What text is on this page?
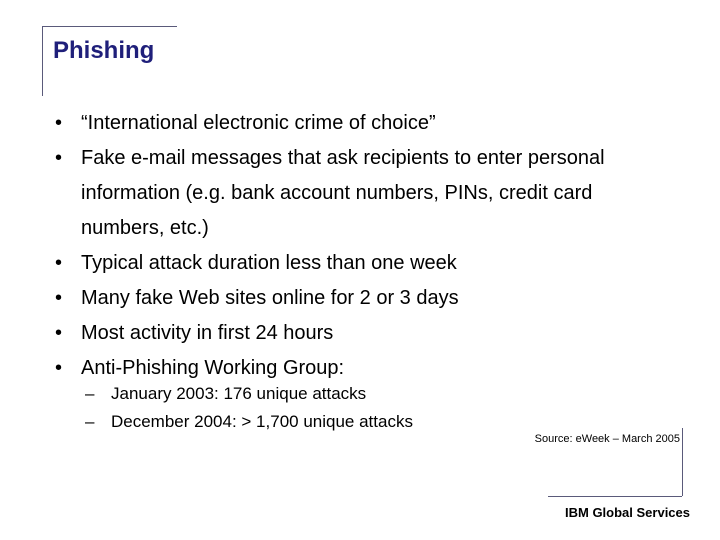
Phishing
• “International electronic crime of choice”
• Fake e-mail messages that ask recipients to enter personal information (e.g. bank account numbers, PINs, credit card numbers, etc.)
• Typical attack duration less than one week
• Many fake Web sites online for 2 or 3 days
• Most activity in first 24 hours
• Anti-Phishing Working Group:
– January 2003: 176 unique attacks
– December 2004: > 1,700 unique attacks

Source: eWeek – March 2005

IBM Global Services
